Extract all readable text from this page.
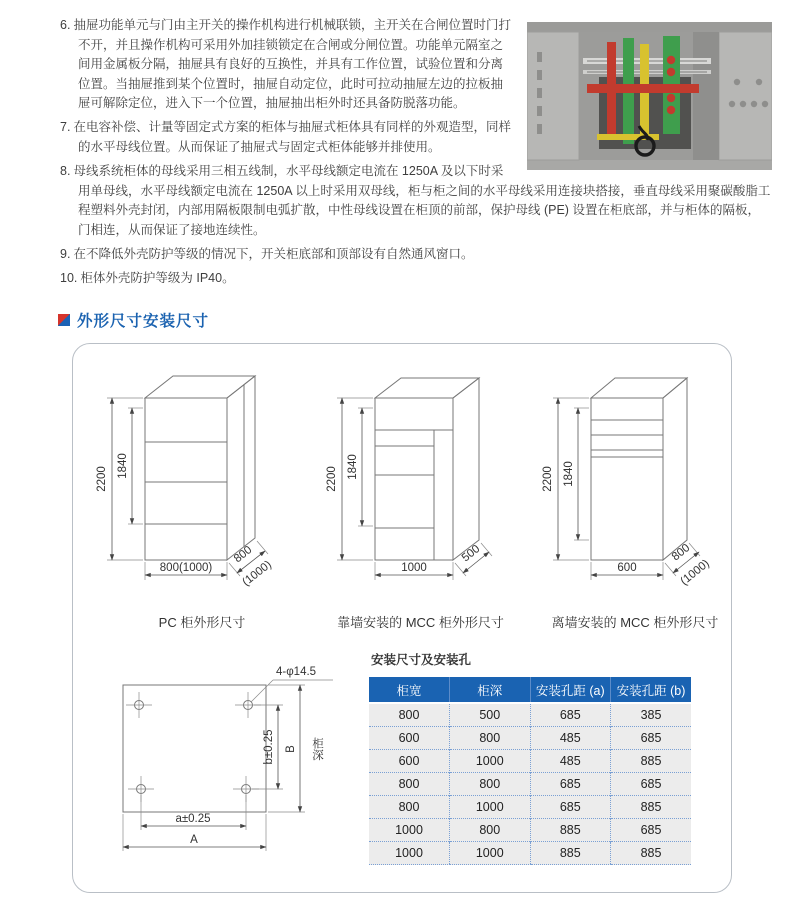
6. 抽屉功能单元与门由主开关的操作机构进行机械联锁，主开关在合闸位置时门打不开，并且操作机构可采用外加挂锁锁定在合闸或分闸位置。功能单元隔室之间用金属板分隔，抽屉具有良好的互换性，并具有工作位置，试验位置和分离位置。当抽屉推到某个位置时，抽屉自动定位，此时可拉动抽屉左边的拉板抽屉可解除定位，进入下一个位置，抽屉抽出柜外时还具备防脱落功能。

7. 在电容补偿、计量等固定式方案的柜体与抽屉式柜体具有同样的外观造型，同样的水平母线位置。从而保证了抽屉式与固定式柜体能够并排使用。

8. 母线系统柜体的母线采用三相五线制，水平母线额定电流在 1250A 及以下时采用单母线，水平母线额定电流在 1250A 以上时采用双母线，柜与柜之间的水平母线采用连接块搭接，垂直母线采用聚碳酸脂工程塑料外壳封闭，内部用隔板限制电弧扩散，中性母线设置在柜顶的前部，保护母线 (PE) 设置在柜底部，并与柜体的隔板，门相连，从而保证了接地连续性。

9. 在不降低外壳防护等级的情况下，开关柜底部和顶部设有自然通风窗口。

10. 柜体外壳防护等级为 IP40。

外形尺寸安装尺寸
2200
1840
800(1000)
800
(1000)
PC 柜外形尺寸
2200 1840
1000
500
靠墙安装的 MCC 柜外形尺寸
2200 1840
600
800
(1000)
离墙安装的 MCC 柜外形尺寸
4-φ14.5
b±0.25 B 柜深
a±0.25
A
安装尺寸及安装孔
柜宽	柜深	安装孔距 (a)	安装孔距 (b)
800	500	685	385
600	800	485	685
600	1000	485	885
800	800	685	685
800	1000	685	885
1000	800	885	685
1000	1000	885	885
